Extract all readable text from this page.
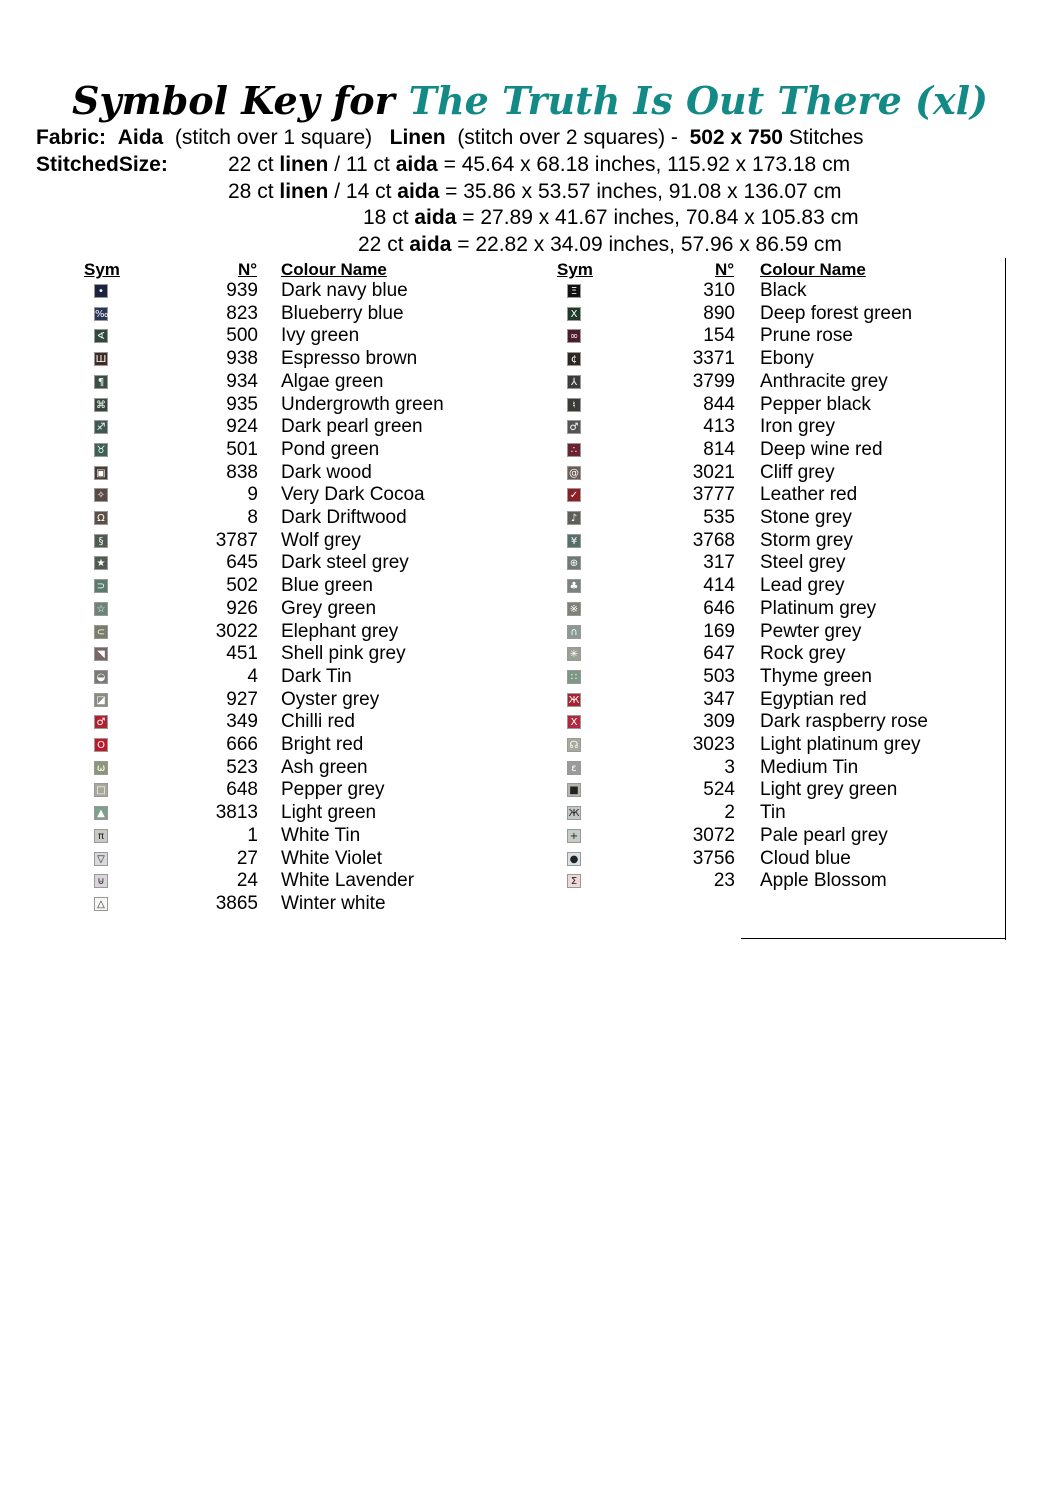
Symbol Key for The Truth Is Out There (xl)
Fabric: Aida (stitch over 1 square) Linen (stitch over 2 squares) - 502 x 750 Stitches
StitchedSize:	22 ct linen / 11 ct aida = 45.64 x 68.18 inches, 115.92 x 173.18 cm
28 ct linen / 14 ct aida = 35.86 x 53.57 inches, 91.08 x 136.07 cm
18 ct aida = 27.89 x 41.67 inches, 70.84 x 105.83 cm
22 ct aida = 22.82 x 34.09 inches, 57.96 x 86.59 cm
Sym	N° Colour Name	Sym	N° Colour Name
•	939 Dark navy blue
‰	823 Blueberry blue
∢	500 Ivy green
Ш	938 Espresso brown
¶	934 Algae green
⌘	935 Undergrowth green
♐	924 Dark pearl green
♉	501 Pond green
▣	838 Dark wood
✧	9 Very Dark Cocoa
Ω	8 Dark Driftwood
§	3787 Wolf grey
★	645 Dark steel grey
⊃	502 Blue green
☆	926 Grey green
⊂	3022 Elephant grey
◥	451 Shell pink grey
◒	4 Dark Tin
◪	927 Oyster grey
♂	349 Chilli red
O	666 Bright red
ω	523 Ash green
□	648 Pepper grey
▲	3813 Light green
π	1 White Tin
▽	27 White Violet
⊍	24 White Lavender
△	3865 Winter white
Ξ	310 Black
X	890 Deep forest green
∞	154 Prune rose
¢	3371 Ebony
⅄	3799 Anthracite grey
♮	844 Pepper black
♂	413 Iron grey
∴	814 Deep wine red
@	3021 Cliff grey
✓	3777 Leather red
♪	535 Stone grey
¥	3768 Storm grey
⊕	317 Steel grey
♣	414 Lead grey
※	646 Platinum grey
∩	169 Pewter grey
✳	647 Rock grey
∷	503 Thyme green
Ж	347 Egyptian red
X	309 Dark raspberry rose
☊	3023 Light platinum grey
ε	3 Medium Tin
■	524 Light grey green
Ж	2 Tin
+	3072 Pale pearl grey
●	3756 Cloud blue
Σ	23 Apple Blossom
